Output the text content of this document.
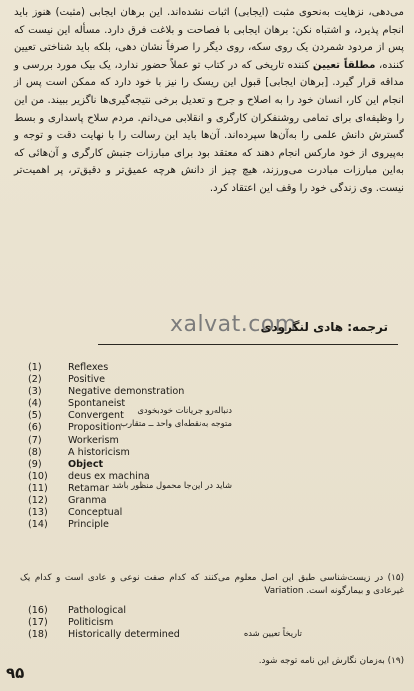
می‌دهی، نزهایت به‌نحوی مثبت (ایجابی) اثبات نشده‌اند. این برهان ایجابی (مثبت) هنوز باید انجام پذیرد، و اشتباه نکن: برهان ایجابی با فصاحت و بلاغت فرق دارد. مسأله این نیست که پس از مردود شمردن یک روی سکه، روی دیگر را صرفاً نشان دهی، بلکه باید شناختی تعیین کننده، مطلقاً تعیین کننده تاریخی که در کتاب تو عملاً حضور ندارد، یک بیک مورد بررسی و مداقه قرار گیرد. [برهان ایجابی] قبول این ریسک را نیز با خود دارد که ممکن است پس از انجام این کار، انسان خود را به اصلاح و جرح و تعدیل برخی نتیجه‌گیری‌ها ناگزیر ببیند. من این را وظیفه‌ای برای تمامی روشنفکران کارگری و انقلابی می‌دانم. مردم سلاح پاسداری و بسط گسترش دانش علمی را به‌آن‌ها سپرده‌اند. آن‌ها باید این رسالت را با نهایت دقت و توجه و به‌پیروی از خود مارکس انجام دهند که معتقد بود برای مبارزات جنبش کارگری و آن‌هائی که به‌این مبارزات مبادرت می‌ورزند، هیچ چیز از دانش هرچه عمیق‌تر و دقیق‌تر، پر اهمیت‌تر نیست. وی زندگی خود را وقف این اعتقاد کرد.

xalvat.com
ترجمه: هادی لنگرودی
(1)	Reflexes
(2)	Positive
(3)	Negative demonstration
(4)	Spontaneist
(5)	Convergent
(6)	Proposition
(7)	Workerism
(8)	A historicism
(9)	Object
(10)	deus ex machina
(11)	Retamar
(12)	Granma
(13)	Conceptual
(14)	Principle
دنباله‌رو جریانات خودبخودی
متوجه به‌نقطه‌ای واحد ــ متقارب
شاید در این‌جا محمول منظور باشد
(۱۵) در زیست‌شناسی طبق این اصل معلوم می‌کنند که کدام صفت نوعی و عادی است و کدام یک غیرعادی و بیمارگونه است. Variation
(16)	Pathological
(17)	Politicism
(18)	Historically determined	تاریخاً تعیین شده
(۱۹) به‌زمان نگارش این نامه توجه شود.
۹۵
